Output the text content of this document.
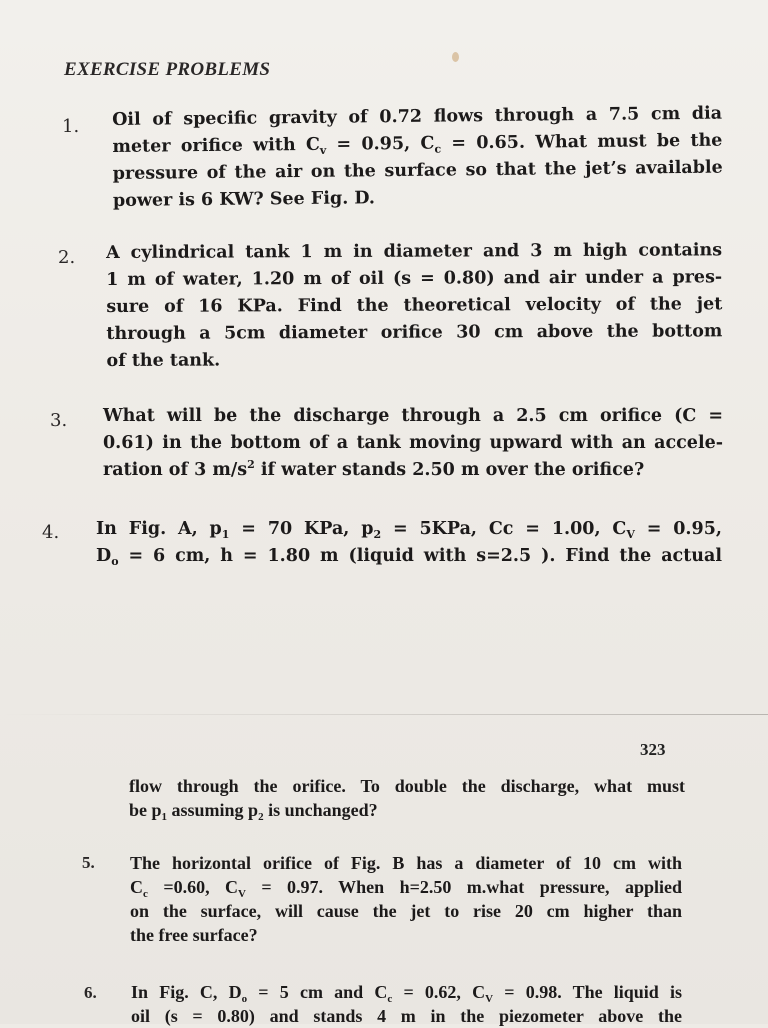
EXERCISE PROBLEMS
1. Oil of specific gravity of 0.72 flows through a 7.5 cm dia
meter orifice with $C_v = 0.95$, $C_c = 0.65$. What must be the
pressure of the air on the surface so that the jet’s available
power is 6 KW? See Fig. D.
2. A cylindrical tank 1 m in diameter and 3 m high contains
1 m of water, 1.20 m of oil (s = 0.80) and air under a pres-
sure of 16 KPa. Find the theoretical velocity of the jet
through a 5cm diameter orifice 30 cm above the bottom
of the tank.
3. What will be the discharge through a 2.5 cm orifice (C =
0.61) in the bottom of a tank moving upward with an accele-
ration of 3 $m/s^2$ if water stands 2.50 m over the orifice?
4. In Fig. A, $p_1 = 70$ KPa, $p_2 = 5KPa$, Cc = 1.00, $C_V = 0.95$,
$D_o = 6$ cm, h = 1.80 m (liquid with s=2.5 ). Find the actual
323
flow through the orifice. To double the discharge, what must
be $p_1$ assuming $p_2$ is unchanged?
5. The horizontal orifice of Fig. B has a diameter of 10 cm with
$C_c =0.60$, $C_V = 0.97$. When h=2.50 m.what pressure, applied
on the surface, will cause the jet to rise 20 cm higher than
the free surface?
6. In Fig. C, $D_o = 5$ cm and $C_c = 0.62$, $C_V = 0.98$. The liquid is
oil (s = 0.80) and stands 4 m in the piezometer above the
